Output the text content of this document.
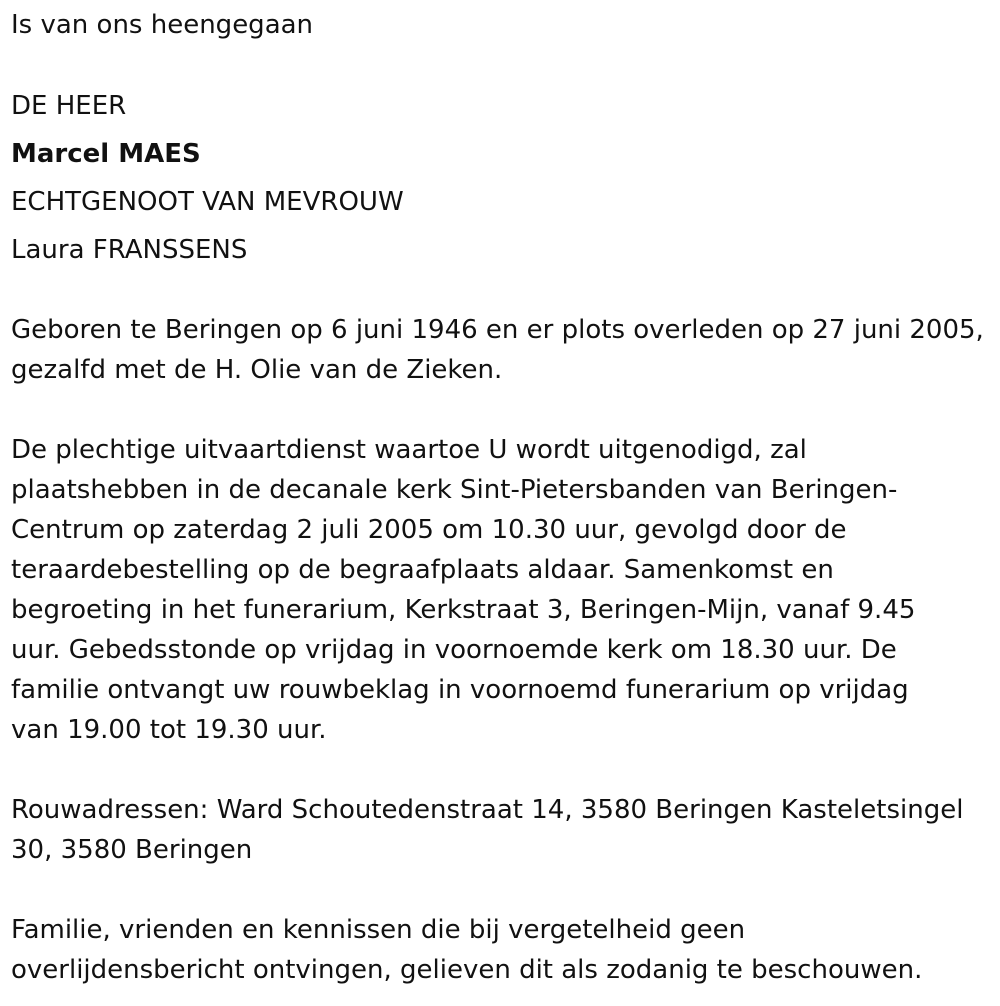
Is van ons heengegaan
DE HEER
Marcel MAES
ECHTGENOOT VAN MEVROUW
Laura FRANSSENS
Geboren te Beringen op 6 juni 1946 en er plots overleden op 27 juni 2005, gezalfd met de H. Olie van de Zieken.
De plechtige uitvaartdienst waartoe U wordt uitgenodigd, zal
plaatshebben in de decanale kerk Sint-Pietersbanden van Beringen-
Centrum op zaterdag 2 juli 2005 om 10.30 uur, gevolgd door de
teraardebestelling op de begraafplaats aldaar. Samenkomst en
begroeting in het funerarium, Kerkstraat 3, Beringen-Mijn, vanaf 9.45
uur. Gebedsstonde op vrijdag in voornoemde kerk om 18.30 uur. De
familie ontvangt uw rouwbeklag in voornoemd funerarium op vrijdag
van 19.00 tot 19.30 uur.
Rouwadressen: Ward Schoutedenstraat 14, 3580 Beringen Kasteletsingel 30, 3580 Beringen
Familie, vrienden en kennissen die bij vergetelheid geen overlijdensbericht ontvingen, gelieven dit als zodanig te beschouwen.
